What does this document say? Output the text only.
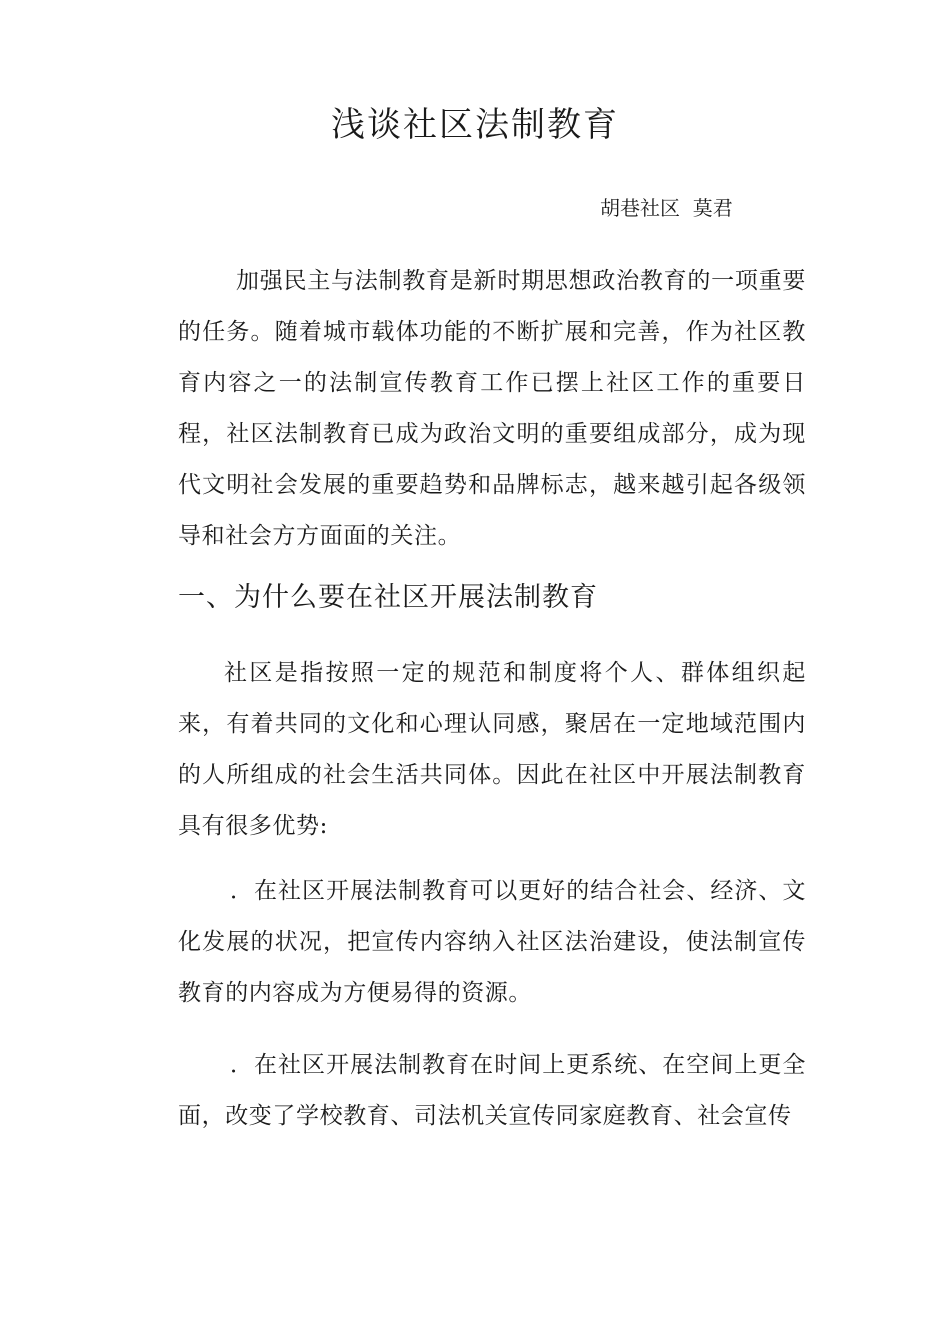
浅谈社区法制教育

胡巷社区  莫君

加强民主与法制教育是新时期思想政治教育的一项重要的任务。随着城市载体功能的不断扩展和完善，作为社区教育内容之一的法制宣传教育工作已摆上社区工作的重要日程，社区法制教育已成为政治文明的重要组成部分，成为现代文明社会发展的重要趋势和品牌标志，越来越引起各级领导和社会方方面面的关注。

一、为什么要在社区开展法制教育

社区是指按照一定的规范和制度将个人、群体组织起来，有着共同的文化和心理认同感，聚居在一定地域范围内的人所组成的社会生活共同体。因此在社区中开展法制教育具有很多优势:

．在社区开展法制教育可以更好的结合社会、经济、文化发展的状况，把宣传内容纳入社区法治建设，使法制宣传教育的内容成为方便易得的资源。

．在社区开展法制教育在时间上更系统、在空间上更全面，改变了学校教育、司法机关宣传同家庭教育、社会宣传
